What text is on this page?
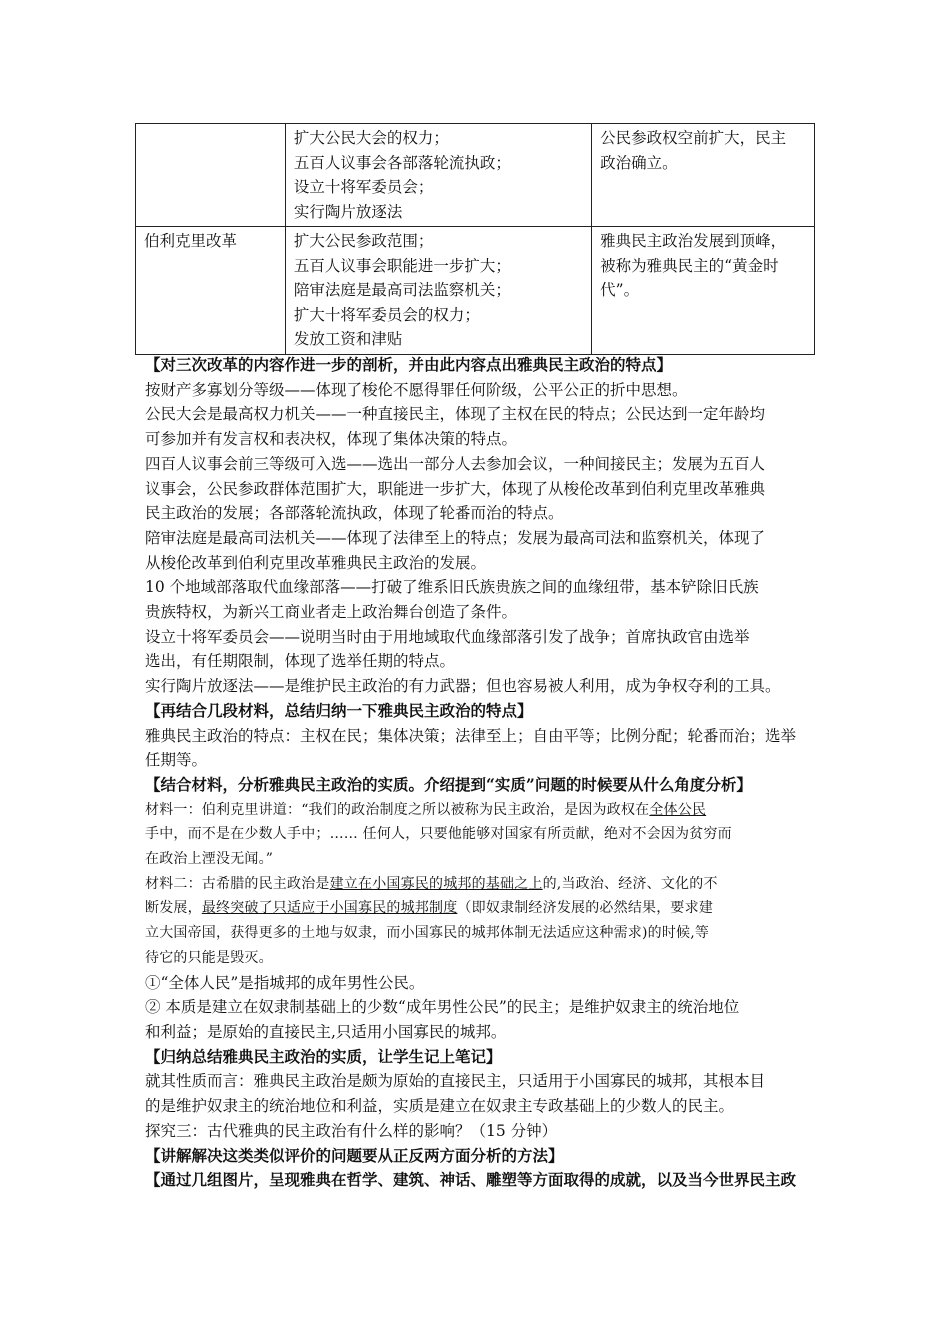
	扩大公民大会的权力；
五百人议事会各部落轮流执政；
设立十将军委员会；
实行陶片放逐法	公民参政权空前扩大，民主
政治确立。

伯利克里改革	扩大公民参政范围；
五百人议事会职能进一步扩大；
陪审法庭是最高司法监察机关；
扩大十将军委员会的权力；
发放工资和津贴	雅典民主政治发展到顶峰，
被称为雅典民主的“黄金时
代”。

【对三次改革的内容作进一步的剖析，并由此内容点出雅典民主政治的特点】

按财产多寡划分等级——体现了梭伦不愿得罪任何阶级，公平公正的折中思想。

公民大会是最高权力机关——一种直接民主，体现了主权在民的特点；公民达到一定年龄均

可参加并有发言权和表决权，体现了集体决策的特点。

四百人议事会前三等级可入选——选出一部分人去参加会议，一种间接民主；发展为五百人

议事会，公民参政群体范围扩大，职能进一步扩大，体现了从梭伦改革到伯利克里改革雅典

民主政治的发展；各部落轮流执政，体现了轮番而治的特点。

陪审法庭是最高司法机关——体现了法律至上的特点；发展为最高司法和监察机关，体现了

从梭伦改革到伯利克里改革雅典民主政治的发展。

10 个地域部落取代血缘部落——打破了维系旧氏族贵族之间的血缘纽带，基本铲除旧氏族

贵族特权，为新兴工商业者走上政治舞台创造了条件。

设立十将军委员会——说明当时由于用地域取代血缘部落引发了战争；首席执政官由选举

选出，有任期限制，体现了选举任期的特点。

实行陶片放逐法——是维护民主政治的有力武器；但也容易被人利用，成为争权夺利的工具。

【再结合几段材料，总结归纳一下雅典民主政治的特点】

雅典民主政治的特点：主权在民；集体决策；法律至上；自由平等；比例分配；轮番而治；选举

任期等。

【结合材料，分析雅典民主政治的实质。介绍提到“实质”问题的时候要从什么角度分析】

材料一：伯利克里讲道：“我们的政治制度之所以被称为民主政治，是因为政权在全体公民

手中，而不是在少数人手中；…… 任何人，只要他能够对国家有所贡献，绝对不会因为贫穷而

在政治上湮没无闻。”

材料二：古希腊的民主政治是建立在小国寡民的城邦的基础之上的,当政治、经济、文化的不

断发展，最终突破了只适应于小国寡民的城邦制度（即奴隶制经济发展的必然结果，要求建

立大国帝国，获得更多的土地与奴隶，而小国寡民的城邦体制无法适应这种需求)的时候,等

待它的只能是毁灭。

①“全体人民”是指城邦的成年男性公民。

② 本质是建立在奴隶制基础上的少数“成年男性公民”的民主；是维护奴隶主的统治地位

和利益；是原始的直接民主,只适用小国寡民的城邦。

【归纳总结雅典民主政治的实质，让学生记上笔记】

就其性质而言：雅典民主政治是颇为原始的直接民主，只适用于小国寡民的城邦，其根本目

的是维护奴隶主的统治地位和利益，实质是建立在奴隶主专政基础上的少数人的民主。

探究三：古代雅典的民主政治有什么样的影响？（15 分钟）

【讲解解决这类类似评价的问题要从正反两方面分析的方法】

【通过几组图片，呈现雅典在哲学、建筑、神话、雕塑等方面取得的成就，以及当今世界民主政
